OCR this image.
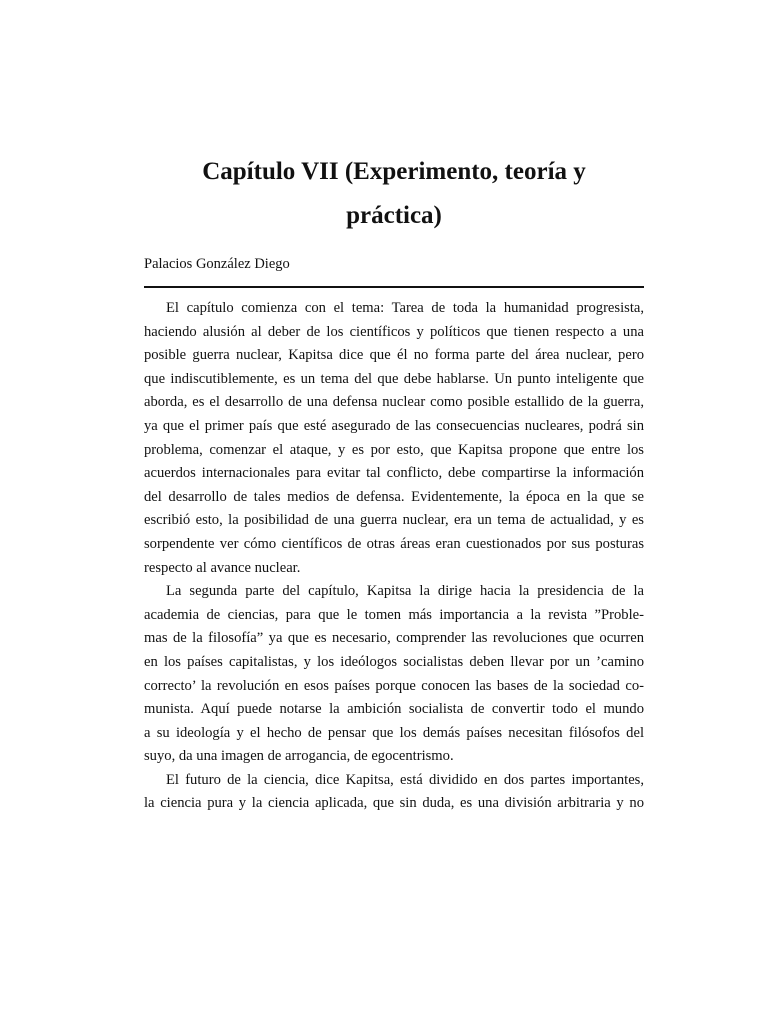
Capítulo VII (Experimento, teoría y
práctica)
Palacios González Diego
El capítulo comienza con el tema: Tarea de toda la humanidad progresista,
haciendo alusión al deber de los científicos y políticos que tienen respecto a una
posible guerra nuclear, Kapitsa dice que él no forma parte del área nuclear, pero
que indiscutiblemente, es un tema del que debe hablarse. Un punto inteligente que
aborda, es el desarrollo de una defensa nuclear como posible estallido de la guerra,
ya que el primer país que esté asegurado de las consecuencias nucleares, podrá sin
problema, comenzar el ataque, y es por esto, que Kapitsa propone que entre los
acuerdos internacionales para evitar tal conflicto, debe compartirse la información
del desarrollo de tales medios de defensa. Evidentemente, la época en la que se
escribió esto, la posibilidad de una guerra nuclear, era un tema de actualidad, y es
sorpendente ver cómo científicos de otras áreas eran cuestionados por sus posturas
respecto al avance nuclear.
La segunda parte del capítulo, Kapitsa la dirige hacia la presidencia de la
academia de ciencias, para que le tomen más importancia a la revista ”Proble-
mas de la filosofía” ya que es necesario, comprender las revoluciones que ocurren
en los países capitalistas, y los ideólogos socialistas deben llevar por un ’camino
correcto’ la revolución en esos países porque conocen las bases de la sociedad co-
munista. Aquí puede notarse la ambición socialista de convertir todo el mundo
a su ideología y el hecho de pensar que los demás países necesitan filósofos del
suyo, da una imagen de arrogancia, de egocentrismo.
El futuro de la ciencia, dice Kapitsa, está dividido en dos partes importantes,
la ciencia pura y la ciencia aplicada, que sin duda, es una división arbitraria y no
